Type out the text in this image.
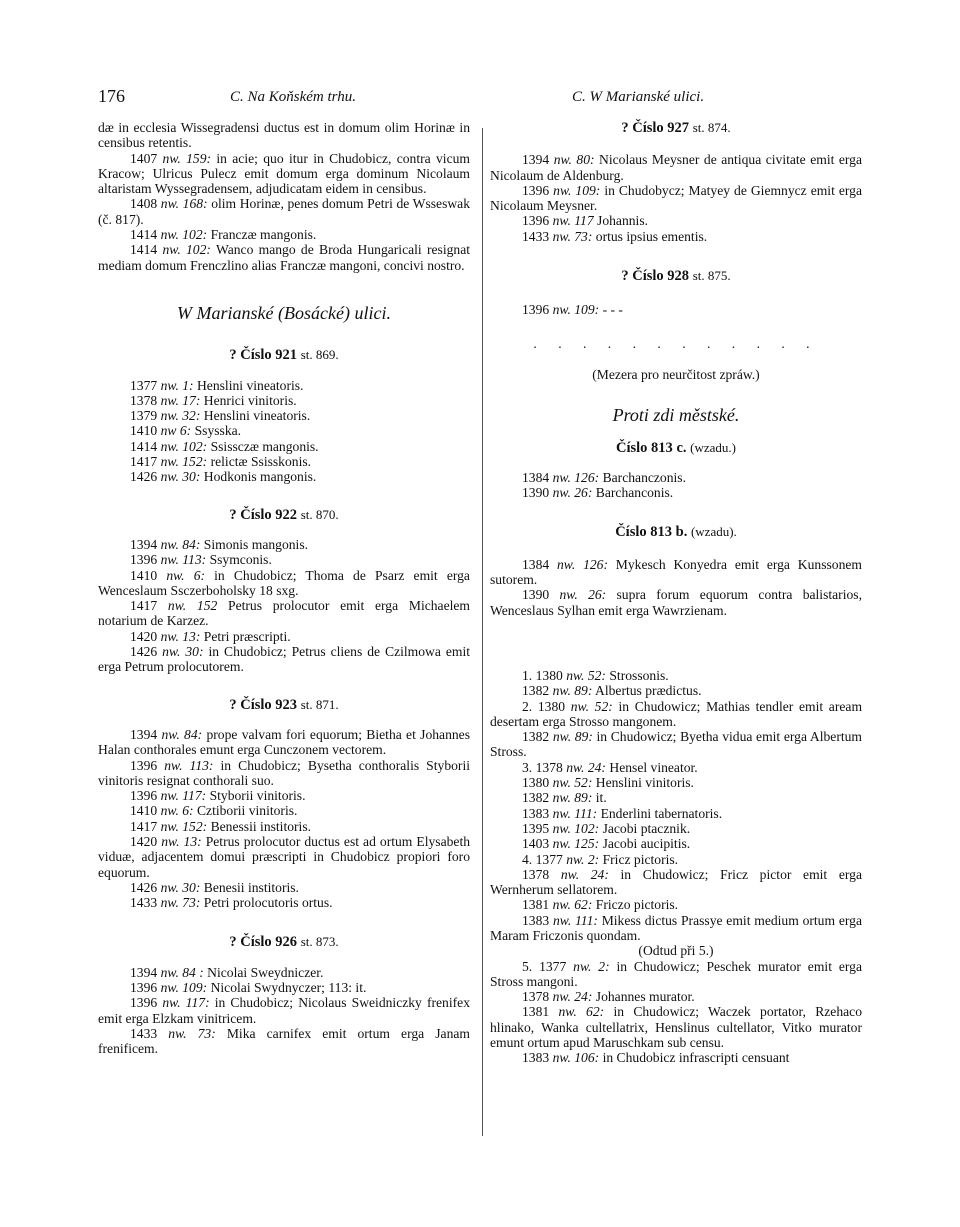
176	C. Na Koňském trhu.	C. W Marianské ulici.

dæ in ecclesia Wissegradensi ductus est in domum olim Horinæ in censibus retentis.

1407 nw. 159: in acie; quo itur in Chudobicz, contra vicum Kracow; Ulricus Pulecz emit domum erga dominum Nicolaum altaristam Wyssegradensem, adjudicatam eidem in censibus.

1408 nw. 168: olim Horinæ, penes domum Petri de Wsseswak (č. 817).

1414 nw. 102: Franczæ mangonis.

1414 nw. 102: Wanco mango de Broda Hungaricali resignat mediam domum Frenczlino alias Franczæ mangoni, concivi nostro.

W Marianské (Bosácké) ulici.
? Číslo 921 st. 869.

1377 nw. 1: Henslini vineatoris.

1378 nw. 17: Henrici vinitoris.

1379 nw. 32: Henslini vineatoris.

1410 nw 6: Ssysska.

1414 nw. 102: Ssissczæ mangonis.

1417 nw. 152: relictæ Ssisskonis.

1426 nw. 30: Hodkonis mangonis.

? Číslo 922 st. 870.

1394 nw. 84: Simonis mangonis.

1396 nw. 113: Ssymconis.

1410 nw. 6: in Chudobicz; Thoma de Psarz emit erga Wenceslaum Ssczerboholsky 18 sxg.

1417 nw. 152 Petrus prolocutor emit erga Michaelem notarium de Karzez.

1420 nw. 13: Petri præscripti.

1426 nw. 30: in Chudobicz; Petrus cliens de Czilmowa emit erga Petrum prolocutorem.

? Číslo 923 st. 871.

1394 nw. 84: prope valvam fori equorum; Bietha et Johannes Halan conthorales emunt erga Cunczonem vectorem.

1396 nw. 113: in Chudobicz; Bysetha conthoralis Styborii vinitoris resignat conthorali suo.

1396 nw. 117: Styborii vinitoris.

1410 nw. 6: Cztiborii vinitoris.

1417 nw. 152: Benessii institoris.

1420 nw. 13: Petrus prolocutor ductus est ad ortum Elysabeth viduæ, adjacentem domui præscripti in Chudobicz propiori foro equorum.

1426 nw. 30: Benesii institoris.

1433 nw. 73: Petri prolocutoris ortus.

? Číslo 926 st. 873.

1394 nw. 84 : Nicolai Sweydniczer.

1396 nw. 109: Nicolai Swydnyczer; 113: it.

1396 nw. 117: in Chudobicz; Nicolaus Sweidniczky frenifex emit erga Elzkam vinitricem.

1433 nw. 73: Mika carnifex emit ortum erga Janam frenificem.

? Číslo 927 st. 874.

1394 nw. 80: Nicolaus Meysner de antiqua civitate emit erga Nicolaum de Aldenburg.

1396 nw. 109: in Chudobycz; Matyey de Giemnycz emit erga Nicolaum Meysner.

1396 nw. 117 Johannis.

1433 nw. 73: ortus ipsius ementis.

? Číslo 928 st. 875.

1396 nw. 109: - - -

. . . . . . . . . . . .
(Mezera pro neurčitost zpráw.)
Proti zdi městské.
Číslo 813 c. (wzadu.)

1384 nw. 126: Barchanczonis.

1390 nw. 26: Barchanconis.

Číslo 813 b. (wzadu).

1384 nw. 126: Mykesch Konyedra emit erga Kunssonem sutorem.

1390 nw. 26: supra forum equorum contra balistarios, Wenceslaus Sylhan emit erga Wawrzienam.

1. 1380 nw. 52: Strossonis.

1382 nw. 89: Albertus prædictus.

2. 1380 nw. 52: in Chudowicz; Mathias tendler emit aream desertam erga Strosso mangonem.

1382 nw. 89: in Chudowicz; Byetha vidua emit erga Albertum Stross.

3. 1378 nw. 24: Hensel vineator.

1380 nw. 52: Henslini vinitoris.

1382 nw. 89: it.

1383 nw. 111: Enderlini tabernatoris.

1395 nw. 102: Jacobi ptacznik.

1403 nw. 125: Jacobi aucipitis.

4. 1377 nw. 2: Fricz pictoris.

1378 nw. 24: in Chudowicz; Fricz pictor emit erga Wernherum sellatorem.

1381 nw. 62: Friczo pictoris.

1383 nw. 111: Mikess dictus Prassye emit medium ortum erga Maram Friczonis quondam.

(Odtud při 5.)

5. 1377 nw. 2: in Chudowicz; Peschek murator emit erga Stross mangoni.

1378 nw. 24: Johannes murator.

1381 nw. 62: in Chudowicz; Waczek portator, Rzehaco hlinako, Wanka cultellatrix, Henslinus cultellator, Vitko murator emunt ortum apud Maruschkam sub censu.

1383 nw. 106: in Chudobicz infrascripti censuant
